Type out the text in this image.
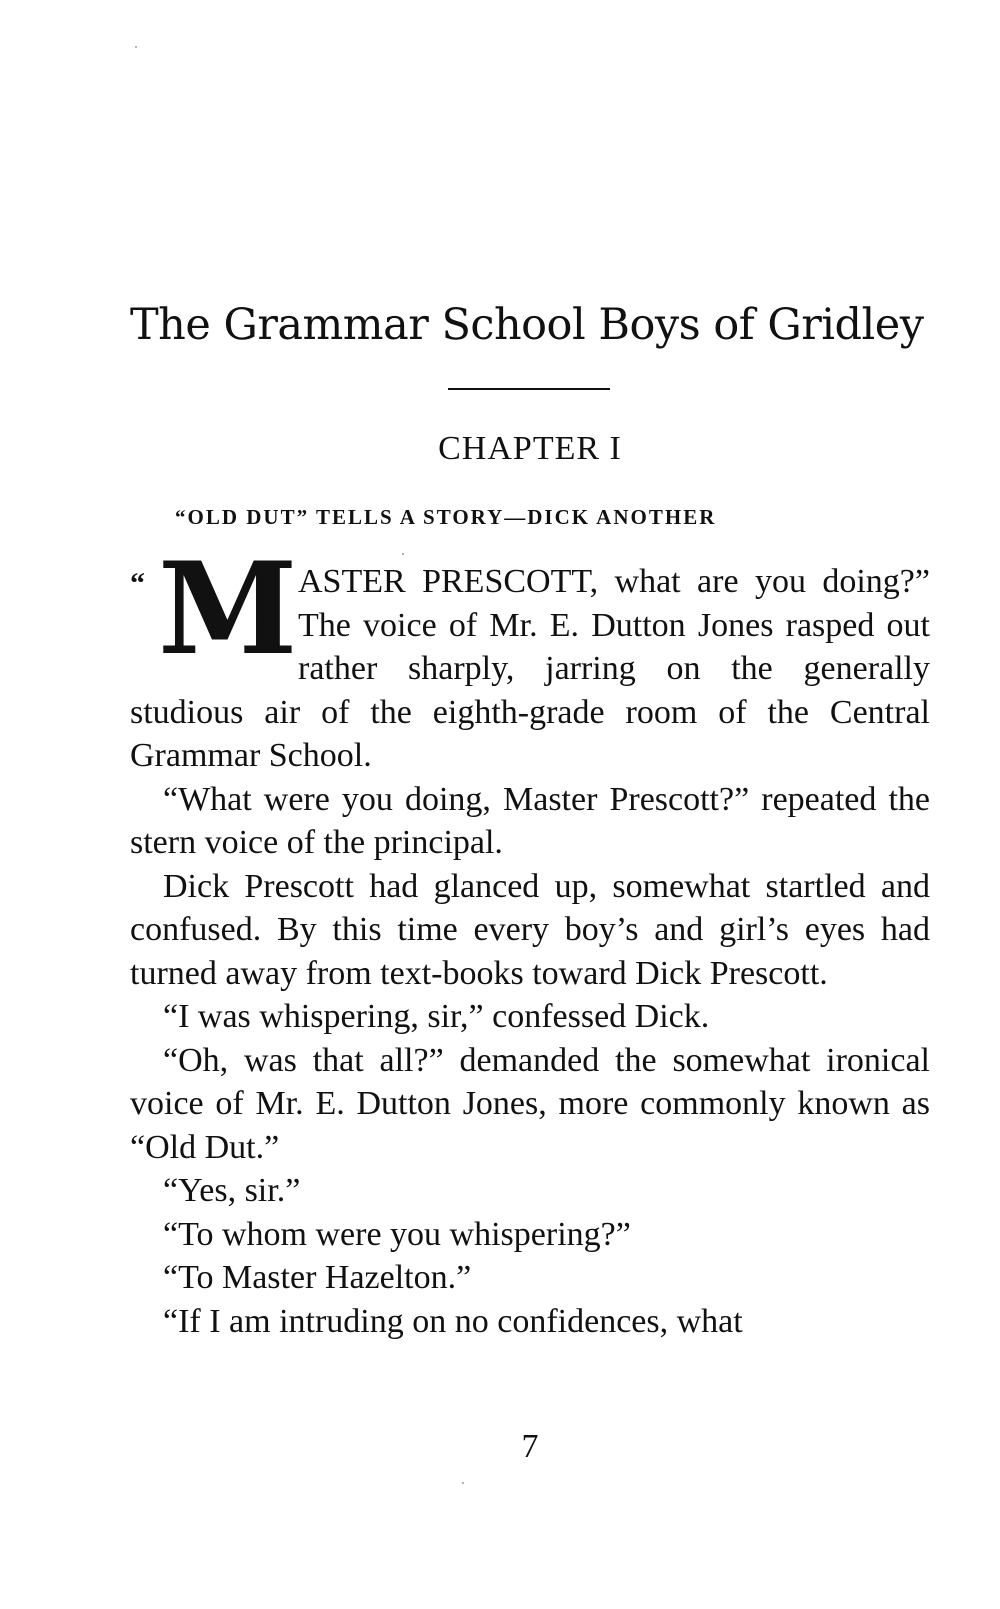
The Grammar School Boys of Gridley
CHAPTER I
“OLD DUT” TELLS A STORY—DICK ANOTHER
“ M ASTER PRESCOTT, what are you doing?” The voice of Mr. E. Dutton Jones rasped out rather sharply, jarring on the generally studious air of the eighth-grade room of the Central Grammar School.

“What were you doing, Master Prescott?” repeated the stern voice of the principal.

Dick Prescott had glanced up, somewhat startled and confused. By this time every boy’s and girl’s eyes had turned away from text-books toward Dick Prescott.

“I was whispering, sir,” confessed Dick.

“Oh, was that all?” demanded the somewhat ironical voice of Mr. E. Dutton Jones, more commonly known as “Old Dut.”

“Yes, sir.”

“To whom were you whispering?”

“To Master Hazelton.”

“If I am intruding on no confidences, what

7
